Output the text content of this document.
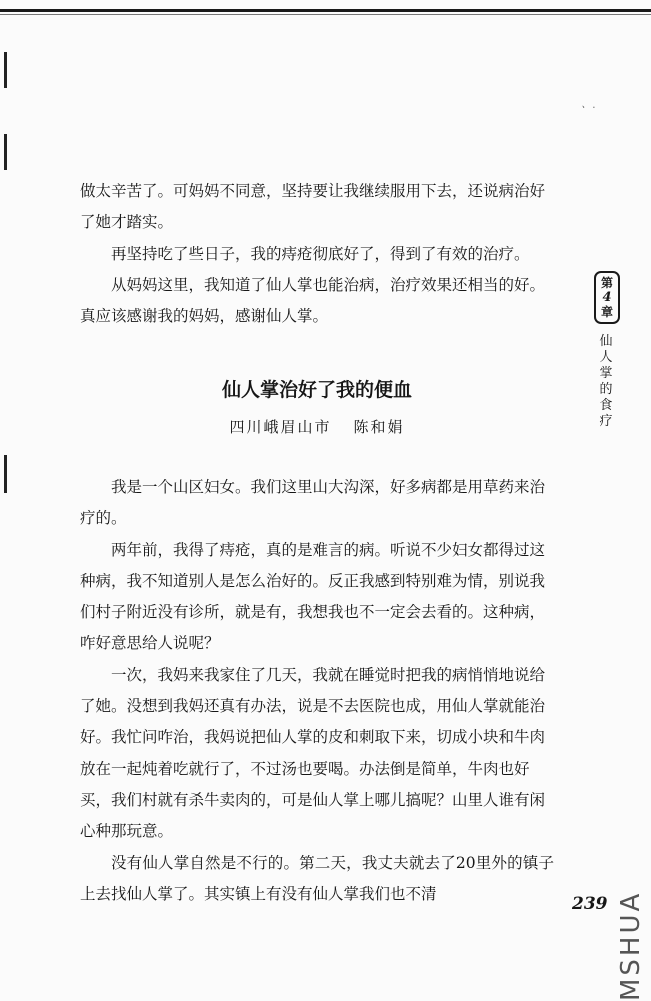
ㆍ ·

做太辛苦了。可妈妈不同意，坚持要让我继续服用下去，还说病治好了她才踏实。

再坚持吃了些日子，我的痔疮彻底好了，得到了有效的治疗。

从妈妈这里，我知道了仙人掌也能治病，治疗效果还相当的好。真应该感谢我的妈妈，感谢仙人掌。

仙人掌治好了我的便血
四川峨眉山市 陈和娟

我是一个山区妇女。我们这里山大沟深，好多病都是用草药来治疗的。

两年前，我得了痔疮，真的是难言的病。听说不少妇女都得过这种病，我不知道别人是怎么治好的。反正我感到特别难为情，别说我们村子附近没有诊所，就是有，我想我也不一定会去看的。这种病，咋好意思给人说呢？

一次，我妈来我家住了几天，我就在睡觉时把我的病悄悄地说给了她。没想到我妈还真有办法，说是不去医院也成，用仙人掌就能治好。我忙问咋治，我妈说把仙人掌的皮和刺取下来，切成小块和牛肉放在一起炖着吃就行了，不过汤也要喝。办法倒是简单，牛肉也好买，我们村就有杀牛卖肉的，可是仙人掌上哪儿搞呢？山里人谁有闲心种那玩意。

没有仙人掌自然是不行的。第二天，我丈夫就去了20里外的镇子上去找仙人掌了。其实镇上有没有仙人掌我们也不清

第
4
章
仙
人
掌
的
食
疗
239 MSHUA
